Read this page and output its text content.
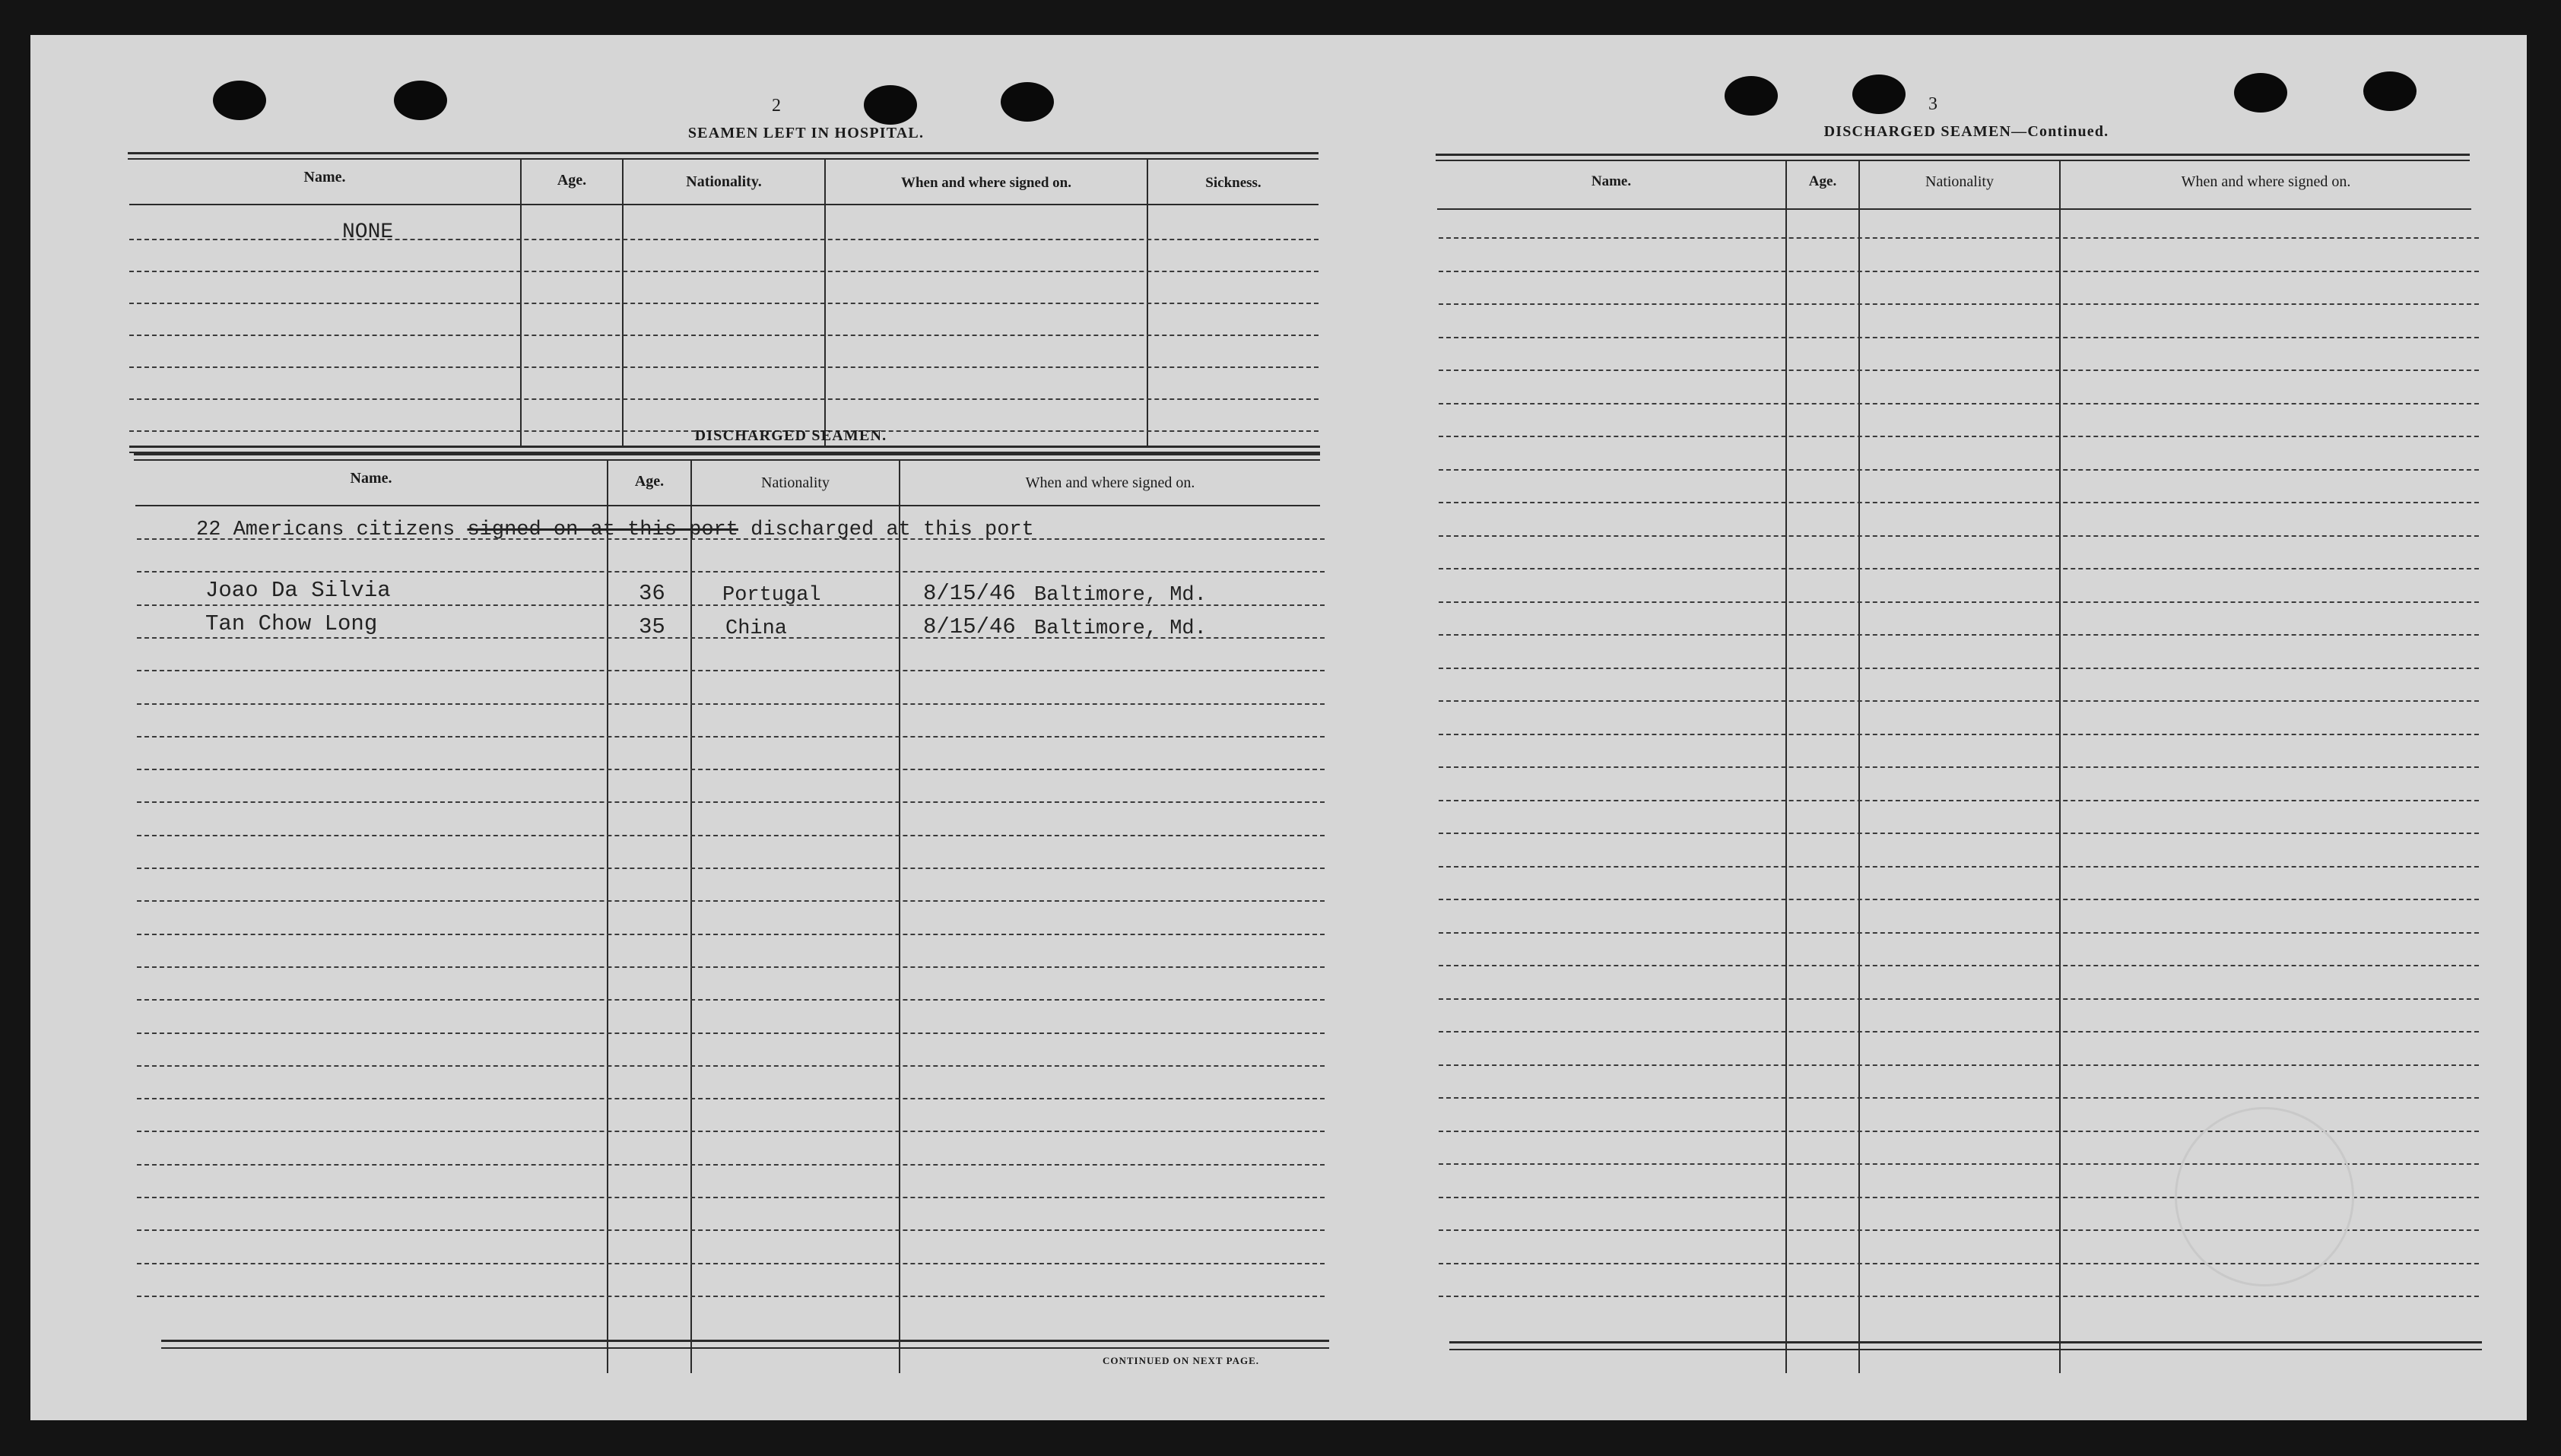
2
SEAMEN LEFT IN HOSPITAL.
Name.	Age.	Nationality.	When and where signed on.	Sickness.
NONE
DISCHARGED SEAMEN.
Name.	Age.	Nationality	When and where signed on.
22 Americans citizens signed on at this port discharged at this port
Joao Da Silvia	36	Portugal	8/15/46 Baltimore, Md.
Tan Chow Long	35	China	8/15/46 Baltimore, Md.
CONTINUED ON NEXT PAGE.
3
DISCHARGED SEAMEN—Continued.
Name.	Age.	Nationality	When and where signed on.
